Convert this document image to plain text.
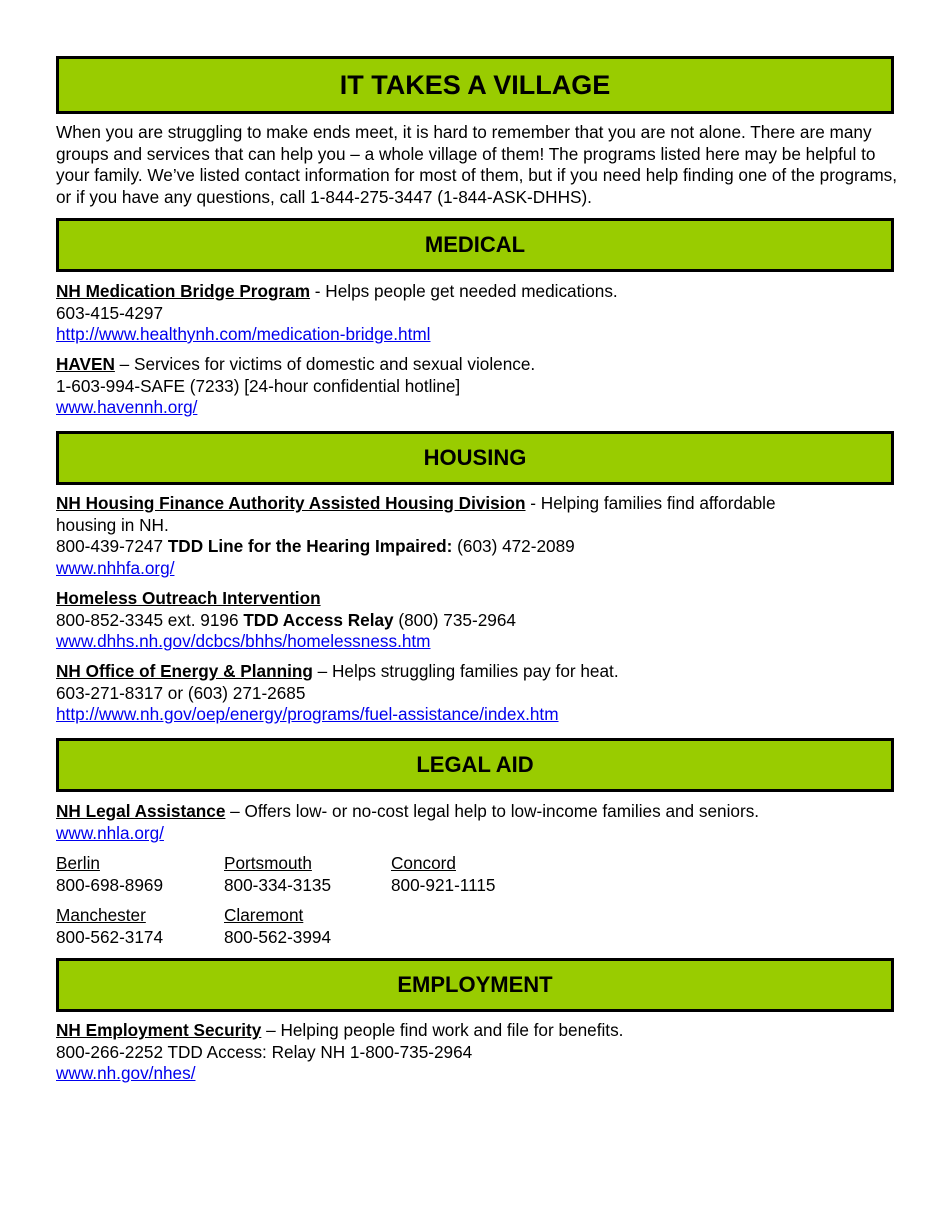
IT TAKES A VILLAGE
When you are struggling to make ends meet, it is hard to remember that you are not alone. There are many groups and services that can help you – a whole village of them! The programs listed here may be helpful to your family. We’ve listed contact information for most of them, but if you need help finding one of the programs, or if you have any questions, call 1-844-275-3447 (1-844-ASK-DHHS).
MEDICAL
NH Medication Bridge Program - Helps people get needed medications.
603-415-4297
http://www.healthynh.com/medication-bridge.html
HAVEN – Services for victims of domestic and sexual violence.
1-603-994-SAFE (7233) [24-hour confidential hotline]
www.havennh.org/
HOUSING
NH Housing Finance Authority Assisted Housing Division - Helping families find affordable
housing in NH.
800-439-7247 TDD Line for the Hearing Impaired: (603) 472-2089
www.nhhfa.org/
Homeless Outreach Intervention
800-852-3345 ext. 9196 TDD Access Relay (800) 735-2964
www.dhhs.nh.gov/dcbcs/bhhs/homelessness.htm
NH Office of Energy & Planning – Helps struggling families pay for heat.
603-271-8317 or (603) 271-2685
http://www.nh.gov/oep/energy/programs/fuel-assistance/index.htm
LEGAL AID
NH Legal Assistance – Offers low- or no-cost legal help to low-income families and seniors.
www.nhla.org/
Berlin
800-698-8969
Portsmouth
800-334-3135
Concord
800-921-1115
Manchester
800-562-3174
Claremont
800-562-3994
EMPLOYMENT
NH Employment Security – Helping people find work and file for benefits.
800-266-2252 TDD Access: Relay NH 1-800-735-2964
www.nh.gov/nhes/
